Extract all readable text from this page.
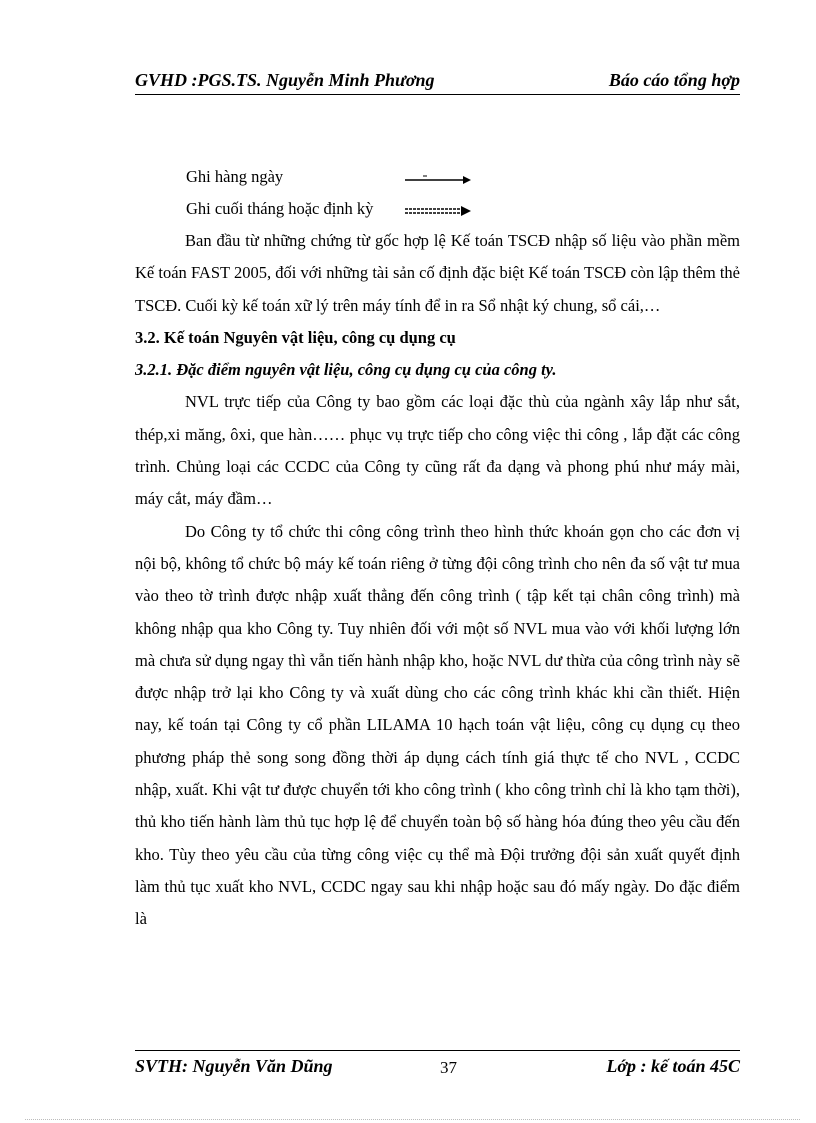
GVHD :PGS.TS. Nguyễn Minh Phương	Báo cáo tổng hợp
Ghi hàng ngày
Ghi cuối tháng hoặc định kỳ

Ban đầu từ những chứng từ gốc hợp lệ Kế toán TSCĐ nhập số liệu vào phần mềm Kế toán FAST 2005, đối với những tài sản cố định đặc biệt Kế toán TSCĐ còn lập thêm thẻ TSCĐ. Cuối kỳ kế toán xữ lý trên máy tính để in ra Sổ nhật ký chung, sổ cái,…

3.2. Kế toán Nguyên vật liệu, công cụ dụng cụ

3.2.1. Đặc điểm nguyên vật liệu, công cụ dụng cụ của công ty.

NVL trực tiếp của Công ty bao gồm các loại đặc thù của ngành xây lắp như sắt, thép,xi măng, ôxi, que hàn…… phục vụ trực tiếp cho công việc thi công , lắp đặt các công trình. Chủng loại các CCDC của Công ty cũng rất đa dạng và phong phú như máy mài, máy cắt, máy đầm…

Do Công ty tổ chức thi công công trình theo hình thức khoán gọn cho các đơn vị nội bộ, không tổ chức bộ máy kế toán riêng ở từng đội công trình cho nên đa số vật tư mua vào theo tờ trình được nhập xuất thẳng đến công trình ( tập kết tại chân công trình) mà không nhập qua kho Công ty. Tuy nhiên đối với một số NVL mua vào với khối lượng lớn mà chưa sử dụng ngay thì vẫn tiến hành nhập kho, hoặc NVL dư thừa của công trình này sẽ được nhập trở lại kho Công ty và xuất dùng cho các công trình khác khi cần thiết. Hiện nay, kế toán tại Công ty cổ phần LILAMA 10 hạch toán vật liệu, công cụ dụng cụ theo phương pháp thẻ song song đồng thời áp dụng cách tính giá thực tế cho NVL , CCDC nhập, xuất. Khi vật tư được chuyển tới kho công trình ( kho công trình chỉ là kho tạm thời), thủ kho tiến hành làm thủ tục hợp lệ để chuyển toàn bộ số hàng hóa đúng theo yêu cầu đến kho. Tùy theo yêu cầu của từng công việc cụ thể mà Đội trưởng đội sản xuất quyết định làm thủ tục xuất kho NVL, CCDC ngay sau khi nhập hoặc sau đó mấy ngày. Do đặc điểm là

SVTH: Nguyễn Văn Dũng	37	Lớp : kế toán 45C
